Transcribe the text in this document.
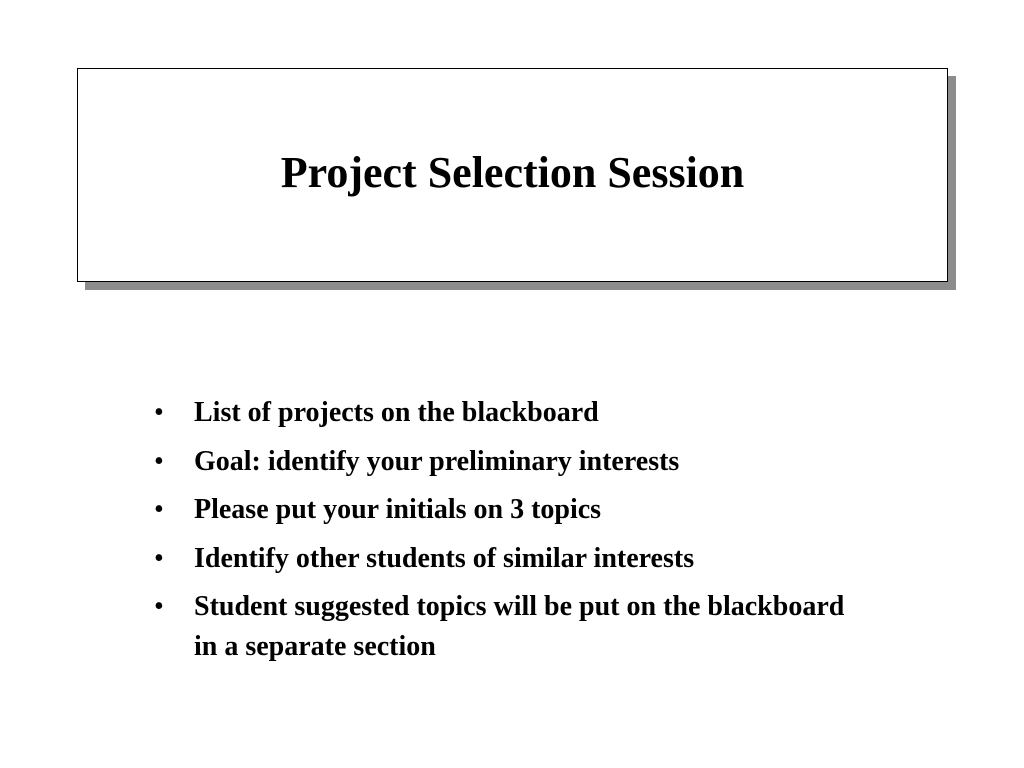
Project Selection Session
• List of projects on the blackboard
• Goal: identify your preliminary interests
• Please put your initials on 3 topics
• Identify other students of similar interests
• Student suggested topics will be put on the blackboard in a separate section
